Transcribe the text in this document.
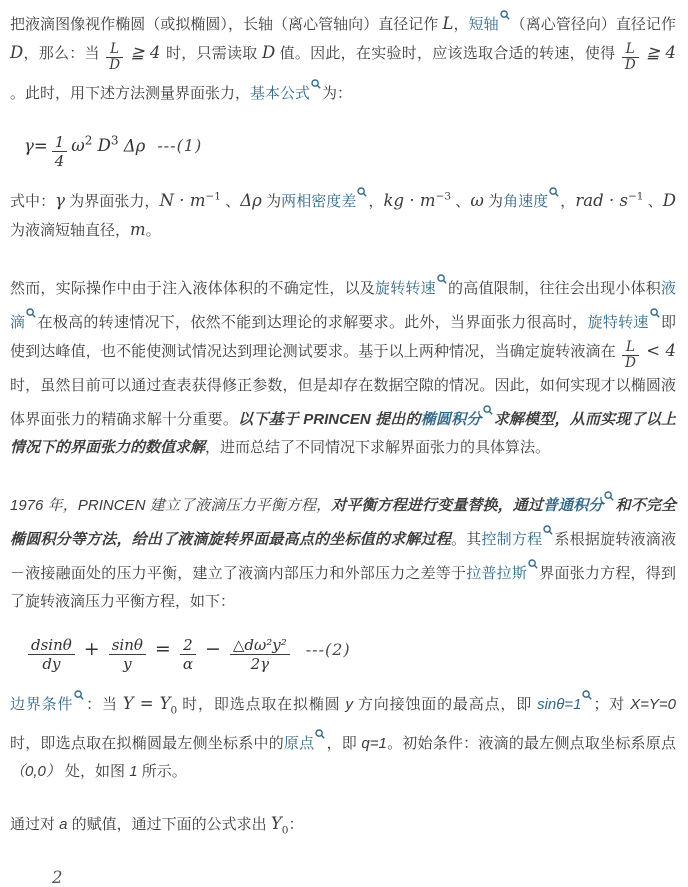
把液滴图像视作椭圆（或拟椭圆），长轴（离心管轴向）直径记作 L，短轴 （离心管径向）直径记作 D，那么：当 $\frac{L}{D}$ ≧ 4 时，只需读取 D 值。因此，在实验时，应该选取合适的转速，使得 $\frac{L}{D}$ ≧ 4 。此时，用下述方法测量界面张力，基本公式 为：
$\gamma= \frac{1}{4} \omega^2$ $D^3$ Δρ ---(1)
式中：γ 为界面张力，$N \cdot m^{-1}$ 、Δρ 为两相密度差 ，kg · $m^{-3}$ 、ω 为角速度 ，rad · $s^{-1}$ 、D 为液滴短轴直径，m。
然而，实际操作中由于注入液体体积的不确定性，以及旋转转速 的高值限制，往往会出现小体积液滴 在极高的转速情况下，依然不能到达理论的求解要求。此外，当界面张力很高时，旋特转速 即使到达峰值，也不能使测试情况达到理论测试要求。基于以上两种情况，当确定旋转液滴在 $\frac{L}{D} < 4$ 时，虽然目前可以通过查表获得修正参数，但是却存在数据空隙的情况。因此，如何实现才以椭圆液体界面张力的精确求解十分重要。以下基于 PRINCEN 提出的椭圆积分 求解模型，从而实现了以上情况下的界面张力的数值求解，进而总结了不同情况下求解界面张力的具体算法。
1976 年，PRINCEN 建立了液滴压力平衡方程，对平衡方程进行变量替换，通过普通积分 和不完全椭圆积分等方法，给出了液滴旋转界面最高点的坐标值的求解过程。其控制方程 系根据旋转液滴液－液接融面处的压力平衡，建立了液滴内部压力和外部压力之差等于拉普拉斯 界面张力方程，得到了旋转液滴压力平衡方程，如下：
$\frac{dsin\theta}{dy} + \frac{\sin\theta}{y} = \frac{2}{\alpha} - \frac{\text{△dω²y²}}{2\gamma} ---(2)$
边界条件 ：当 $Y = Y_0$ 时，即选点取在拟椭圆 y 方向接蚀面的最高点，即 sinθ=1 ；对 X=Y=0 时，即选点取在拟椭圆最左侧坐标系中的原点 ，即 q=1。初始条件：液滴的最左侧点取坐标系原点 （0,0） 处，如图 1 所示。
通过对 a 的赋值，通过下面的公式求出 $Y_0$：
2
